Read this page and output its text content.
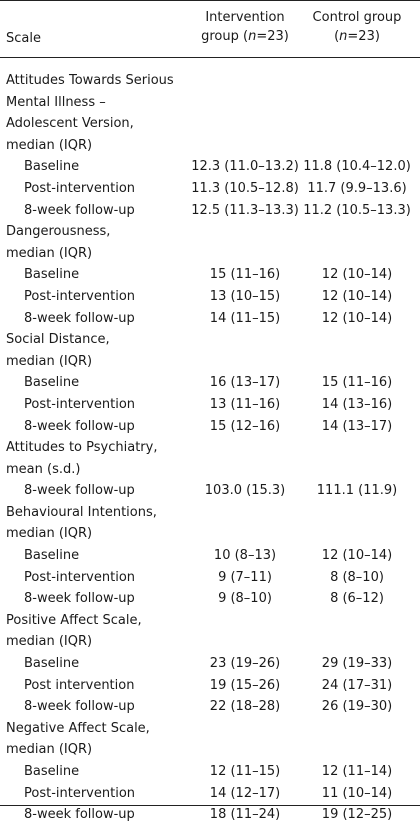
Scale
Intervention
group (n=23)
Control group
(n=23)
Attitudes Towards Serious
Mental Illness –
Adolescent Version,
median (IQR)
Baseline	12.3 (11.0–13.2) 11.8 (10.4–12.0)
Post-intervention	11.3 (10.5–12.8) 11.7 (9.9–13.6)
8-week follow-up	12.5 (11.3–13.3) 11.2 (10.5–13.3)
Dangerousness,
median (IQR)
Baseline	15 (11–16)	12 (10–14)
Post-intervention	13 (10–15)	12 (10–14)
8-week follow-up	14 (11–15)	12 (10–14)
Social Distance,
median (IQR)
Baseline	16 (13–17)	15 (11–16)
Post-intervention	13 (11–16)	14 (13–16)
8-week follow-up	15 (12–16)	14 (13–17)
Attitudes to Psychiatry,
mean (s.d.)
8-week follow-up	103.0 (15.3)	111.1 (11.9)
Behavioural Intentions,
median (IQR)
Baseline	10 (8–13)	12 (10–14)
Post-intervention	9 (7–11)	8 (8–10)
8-week follow-up	9 (8–10)	8 (6–12)
Positive Affect Scale,
median (IQR)
Baseline	23 (19–26)	29 (19–33)
Post intervention	19 (15–26)	24 (17–31)
8-week follow-up	22 (18–28)	26 (19–30)
Negative Affect Scale,
median (IQR)
Baseline	12 (11–15)	12 (11–14)
Post-intervention	14 (12–17)	11 (10–14)
8-week follow-up	18 (11–24)	19 (12–25)
